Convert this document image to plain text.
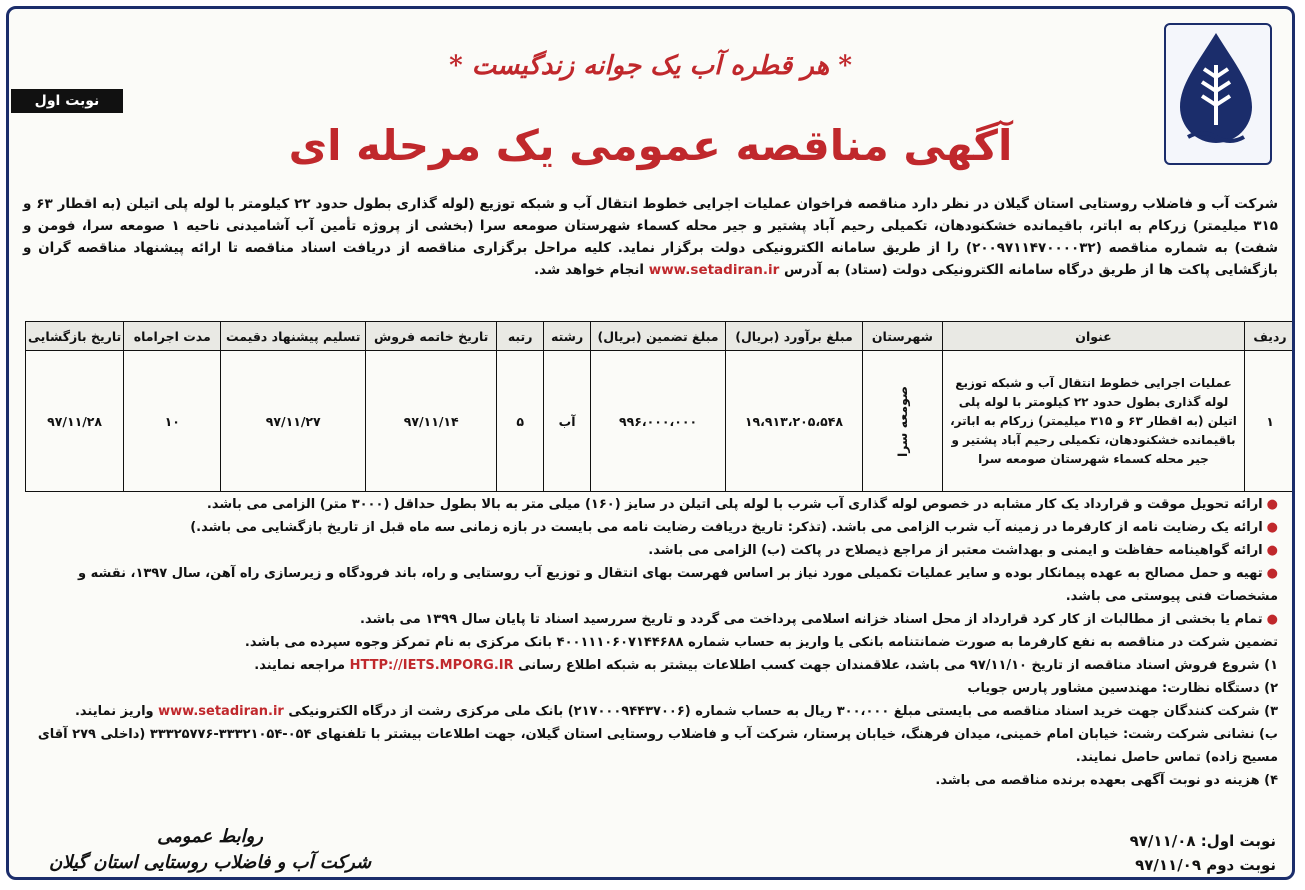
نوبت اول
* هر قطره آب یک جوانه زندگیست *
آگهی مناقصه عمومی یک مرحله ای
شرکت آب و فاضلاب روستایی استان گیلان در نظر دارد مناقصه فراخوان عملیات اجرایی خطوط انتقال آب و شبکه توزیع (لوله گذاری بطول حدود ۲۲ کیلومتر با لوله پلی اتیلن (به اقطار ۶۳ و ۳۱۵ میلیمتر) زرکام به اباتر، باقیمانده خشکنودهان، تکمیلی رحیم آباد پشتیر و جیر محله کسماء شهرستان صومعه سرا (بخشی از پروژه تأمین آب آشامیدنی ناحیه ۱ صومعه سرا، فومن و شفت) به شماره مناقصه (۲۰۰۹۷۱۱۴۷۰۰۰۰۳۲) را از طریق سامانه الکترونیکی دولت برگزار نماید. کلیه مراحل برگزاری مناقصه از دریافت اسناد مناقصه تا ارائه پیشنهاد مناقصه گران و بازگشایی پاکت ها از طریق درگاه سامانه الکترونیکی دولت (ستاد) به آدرس www.setadiran.ir انجام خواهد شد.
ردیف	عنوان	شهرستان	مبلغ برآورد (بریال)	مبلغ تضمین (بریال)	رشته	رتبه	تاریخ خاتمه فروش	تسلیم پیشنهاد دقیمت	مدت اجراماه	تاریخ بازگشایی
۱	عملیات اجرایی خطوط انتقال آب و شبکه توزیع لوله گذاری بطول حدود ۲۲ کیلومتر با لوله پلی اتیلن (به اقطار ۶۳ و ۳۱۵ میلیمتر) زرکام به اباتر، باقیمانده خشکنودهان، تکمیلی رحیم آباد پشتیر و جیر محله کسماء شهرستان صومعه سرا	صومعه سرا	۱۹،۹۱۳،۲۰۵،۵۴۸	۹۹۶،۰۰۰،۰۰۰	آب	۵	۹۷/۱۱/۱۴	۹۷/۱۱/۲۷	۱۰	۹۷/۱۱/۲۸
●ارائه تحویل موقت و قرارداد یک کار مشابه در خصوص لوله گذاری آب شرب با لوله پلی اتیلن در سایز (۱۶۰) میلی متر به بالا بطول حداقل (۳۰۰۰ متر) الزامی می باشد.
●ارائه یک رضایت نامه از کارفرما در زمینه آب شرب الزامی می باشد. (تذکر: تاریخ دریافت رضایت نامه می بایست در بازه زمانی سه ماه قبل از تاریخ بازگشایی می باشد.)
●ارائه گواهینامه حفاظت و ایمنی و بهداشت معتبر از مراجع ذیصلاح در پاکت (ب) الزامی می باشد.
●تهیه و حمل مصالح به عهده پیمانکار بوده و سایر عملیات تکمیلی مورد نیاز بر اساس فهرست بهای انتقال و توزیع آب روستایی و راه، باند فرودگاه و زیرسازی راه آهن، سال ۱۳۹۷، نقشه و مشخصات فنی پیوستی می باشد.
●تمام یا بخشی از مطالبات از کار کرد قرارداد از محل اسناد خزانه اسلامی پرداخت می گردد و تاریخ سررسید اسناد تا پایان سال ۱۳۹۹ می باشد.
تضمین شرکت در مناقصه به نفع کارفرما به صورت ضمانتنامه بانکی یا واریز به حساب شماره ۴۰۰۱۱۱۰۶۰۷۱۴۴۶۸۸ بانک مرکزی به نام تمرکز وجوه سپرده می باشد.
۱) شروع فروش اسناد مناقصه از تاریخ ۹۷/۱۱/۱۰ می باشد، علاقمندان جهت کسب اطلاعات بیشتر به شبکه اطلاع رسانی HTTP://IETS.MPORG.IR مراجعه نمایند.
۲) دستگاه نظارت: مهندسین مشاور پارس جویاب
۳) شرکت کنندگان جهت خرید اسناد مناقصه می بایستی مبلغ ۳۰۰،۰۰۰ ریال به حساب شماره (۲۱۷۰۰۰۹۴۴۳۷۰۰۶) بانک ملی مرکزی رشت از درگاه الکترونیکی www.setadiran.ir واریز نمایند.
ب) نشانی شرکت رشت: خیابان امام خمینی، میدان فرهنگ، خیابان پرستار، شرکت آب و فاضلاب روستایی استان گیلان، جهت اطلاعات بیشتر با تلفنهای ۰۵۴-۳۳۳۲۱۰۵۴-۳۳۳۲۵۷۷۶ (داخلی ۲۷۹ آقای مسیح زاده) تماس حاصل نمایند.
۴) هزینه دو نوبت آگهی بعهده برنده مناقصه می باشد.
نوبت اول: ۹۷/۱۱/۰۸
نوبت دوم ۹۷/۱۱/۰۹
روابط عمومی
شرکت آب و فاضلاب روستایی استان گیلان
